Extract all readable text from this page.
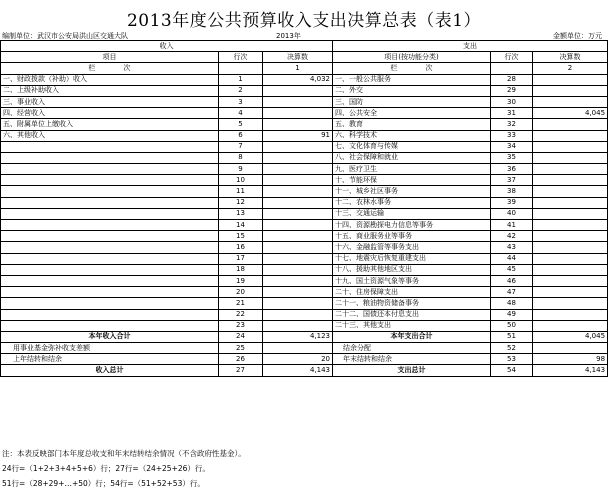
2013年度公共预算收入支出决算总表（表1）
编制单位：武汉市公安局洪山区交通大队	2013年	金额单位：万元
收入			支出		
项目	行次	决算数	项目(按功能分类)	行次	决算数
栏　　　　次		1	栏　　　　次		2
一、财政拨款（补助）收入	1	4,032	一、一般公共服务	28	
二、上级补助收入	2		二、外交	29	
三、事业收入	3		三、国防	30	
四、经营收入	4		四、公共安全	31	4,045
五、附属单位上缴收入	5		五、教育	32	
六、其他收入	6	91	六、科学技术	33	
	7		七、文化体育与传媒	34	
	8		八、社会保障和就业	35	
	9		九、医疗卫生	36	
	10		十、节能环保	37	
	11		十一、城乡社区事务	38	
	12		十二、农林水事务	39	
	13		十三、交通运输	40	
	14		十四、资源勘探电力信息等事务	41	
	15		十五、商业服务业等事务	42	
	16		十六、金融监管等事务支出	43	
	17		十七、地震灾后恢复重建支出	44	
	18		十八、援助其他地区支出	45	
	19		十九、国土资源气象等事务	46	
	20		二十、住房保障支出	47	
	21		二十一、粮油物资储备事务	48	
	22		二十二、国债还本付息支出	49	
	23		二十三、其他支出	50	
本年收入合计	24	4,123	本年支出合计	51	4,045
用事业基金弥补收支差额	25		结余分配	52	
上年结转和结余	26	20	年末结转和结余	53	98
收入总计	27	4,143	支出总计	54	4,143
注：本表反映部门本年度总收支和年末结转结余情况（不含政府性基金）。
24行=（1+2+3+4+5+6）行；27行=（24+25+26）行。
51行=（28+29+…+50）行；54行=（51+52+53）行。
